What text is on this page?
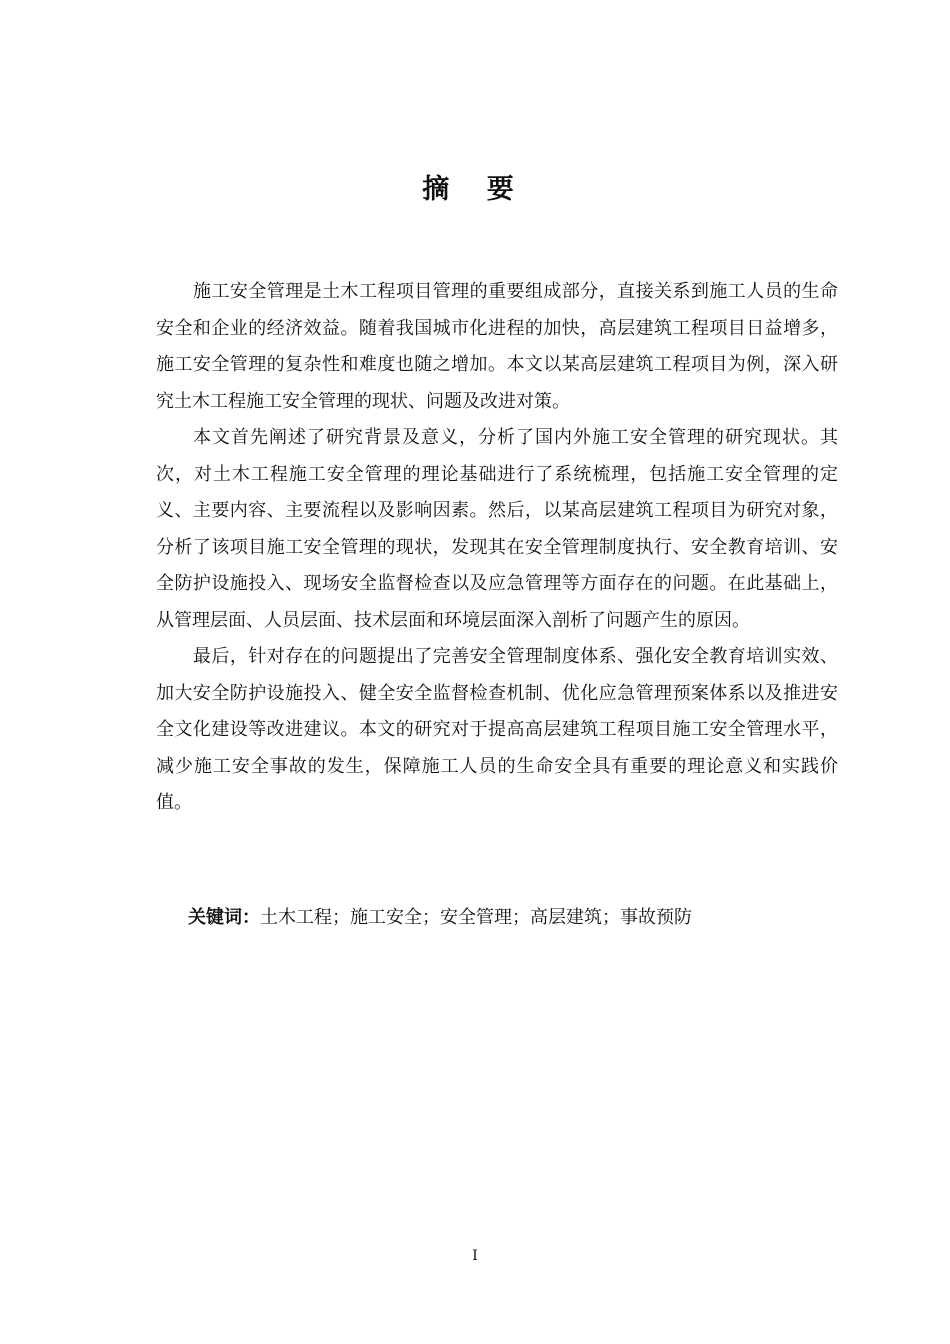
摘 要

施工安全管理是土木工程项目管理的重要组成部分，直接关系到施工人员的生命安全和企业的经济效益。随着我国城市化进程的加快，高层建筑工程项目日益增多，施工安全管理的复杂性和难度也随之增加。本文以某高层建筑工程项目为例，深入研究土木工程施工安全管理的现状、问题及改进对策。

本文首先阐述了研究背景及意义，分析了国内外施工安全管理的研究现状。其次，对土木工程施工安全管理的理论基础进行了系统梳理，包括施工安全管理的定义、主要内容、主要流程以及影响因素。然后，以某高层建筑工程项目为研究对象，分析了该项目施工安全管理的现状，发现其在安全管理制度执行、安全教育培训、安全防护设施投入、现场安全监督检查以及应急管理等方面存在的问题。在此基础上，从管理层面、人员层面、技术层面和环境层面深入剖析了问题产生的原因。

最后，针对存在的问题提出了完善安全管理制度体系、强化安全教育培训实效、加大安全防护设施投入、健全安全监督检查机制、优化应急管理预案体系以及推进安全文化建设等改进建议。本文的研究对于提高高层建筑工程项目施工安全管理水平，减少施工安全事故的发生，保障施工人员的生命安全具有重要的理论意义和实践价值。

关键词：土木工程；施工安全；安全管理；高层建筑；事故预防
I
